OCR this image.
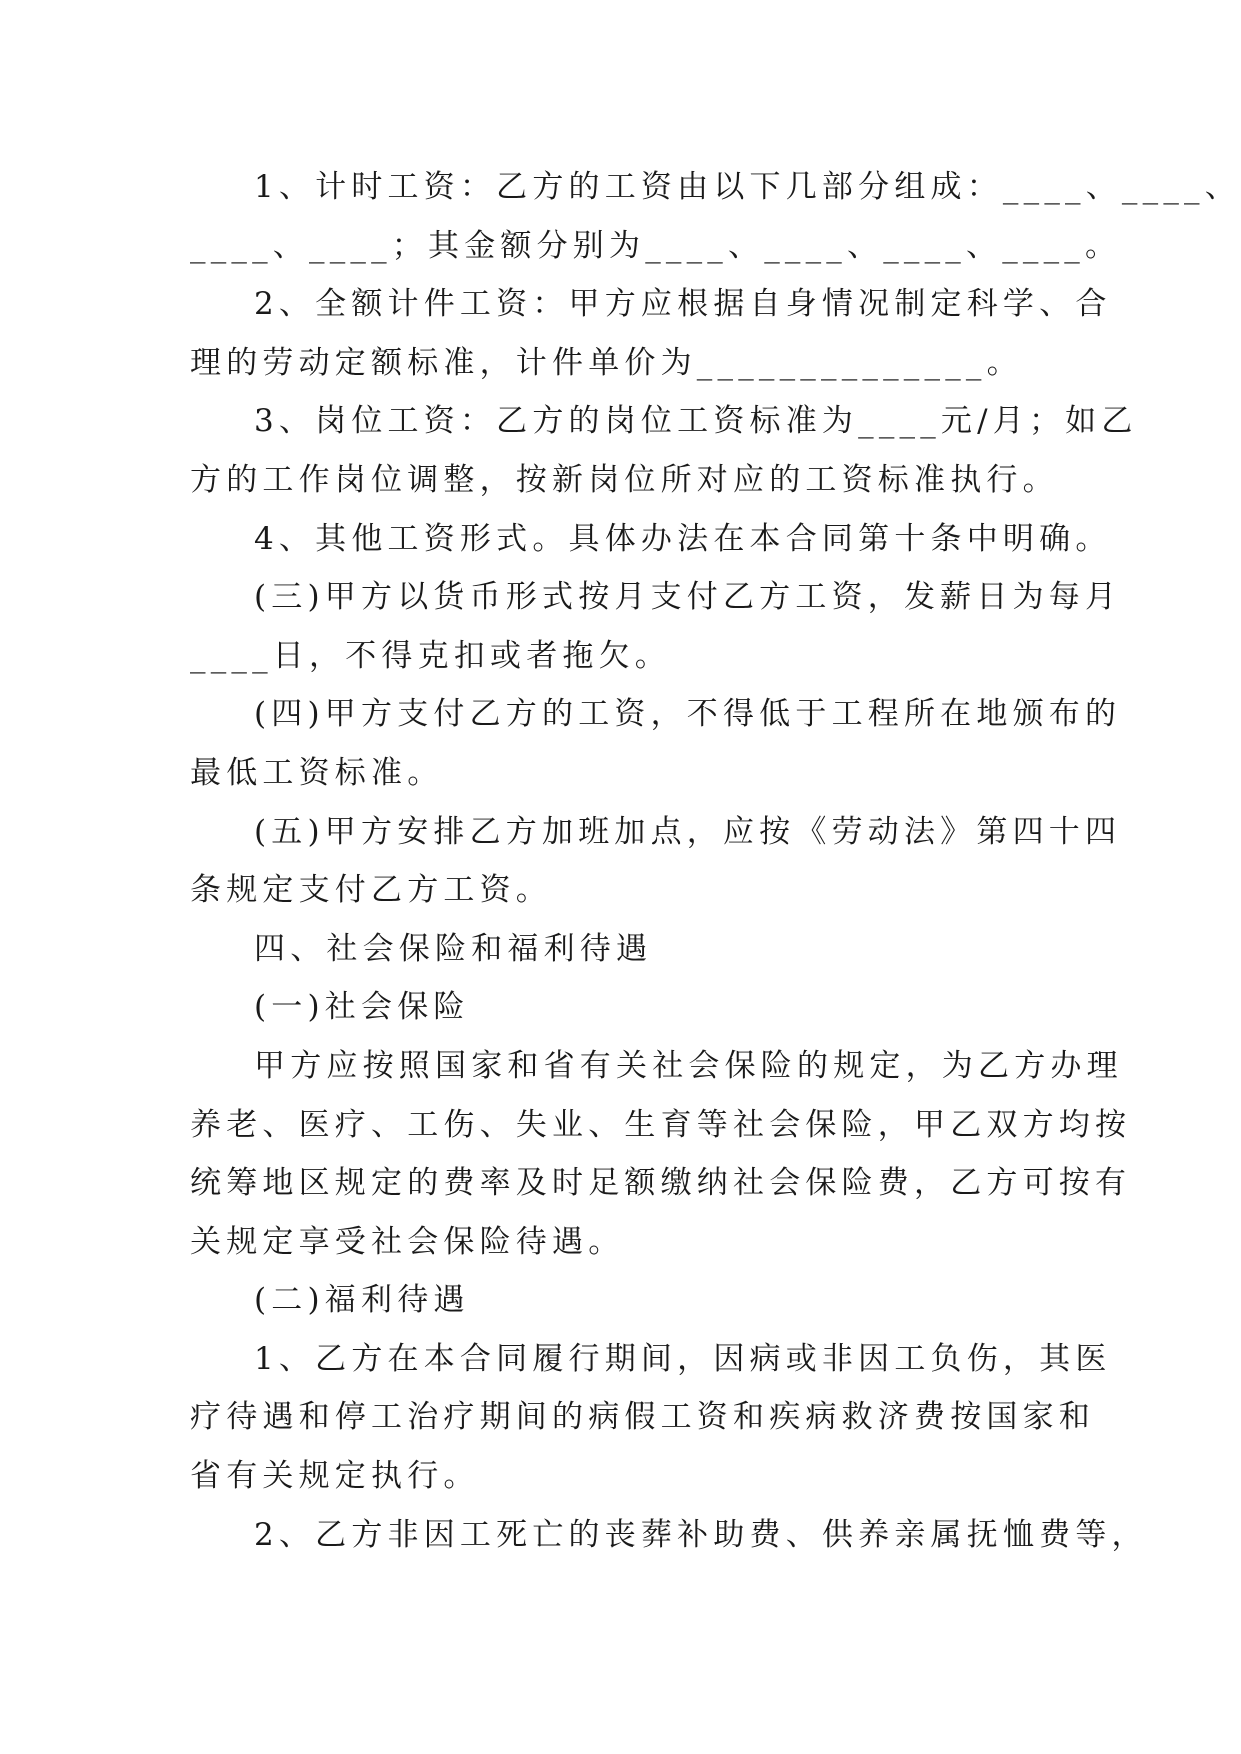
1、计时工资：乙方的工资由以下几部分组成：____、____、
____、____；其金额分别为____、____、____、____。
2、全额计件工资：甲方应根据自身情况制定科学、合
理的劳动定额标准，计件单价为______________。
3、岗位工资：乙方的岗位工资标准为____元/月；如乙
方的工作岗位调整，按新岗位所对应的工资标准执行。
4、其他工资形式。具体办法在本合同第十条中明确。
(三)甲方以货币形式按月支付乙方工资，发薪日为每月
____日，不得克扣或者拖欠。
(四)甲方支付乙方的工资，不得低于工程所在地颁布的
最低工资标准。
(五)甲方安排乙方加班加点，应按《劳动法》第四十四
条规定支付乙方工资。
四、社会保险和福利待遇
(一)社会保险
甲方应按照国家和省有关社会保险的规定，为乙方办理
养老、医疗、工伤、失业、生育等社会保险，甲乙双方均按
统筹地区规定的费率及时足额缴纳社会保险费，乙方可按有
关规定享受社会保险待遇。
(二)福利待遇
1、乙方在本合同履行期间，因病或非因工负伤，其医
疗待遇和停工治疗期间的病假工资和疾病救济费按国家和
省有关规定执行。
2、乙方非因工死亡的丧葬补助费、供养亲属抚恤费等，
